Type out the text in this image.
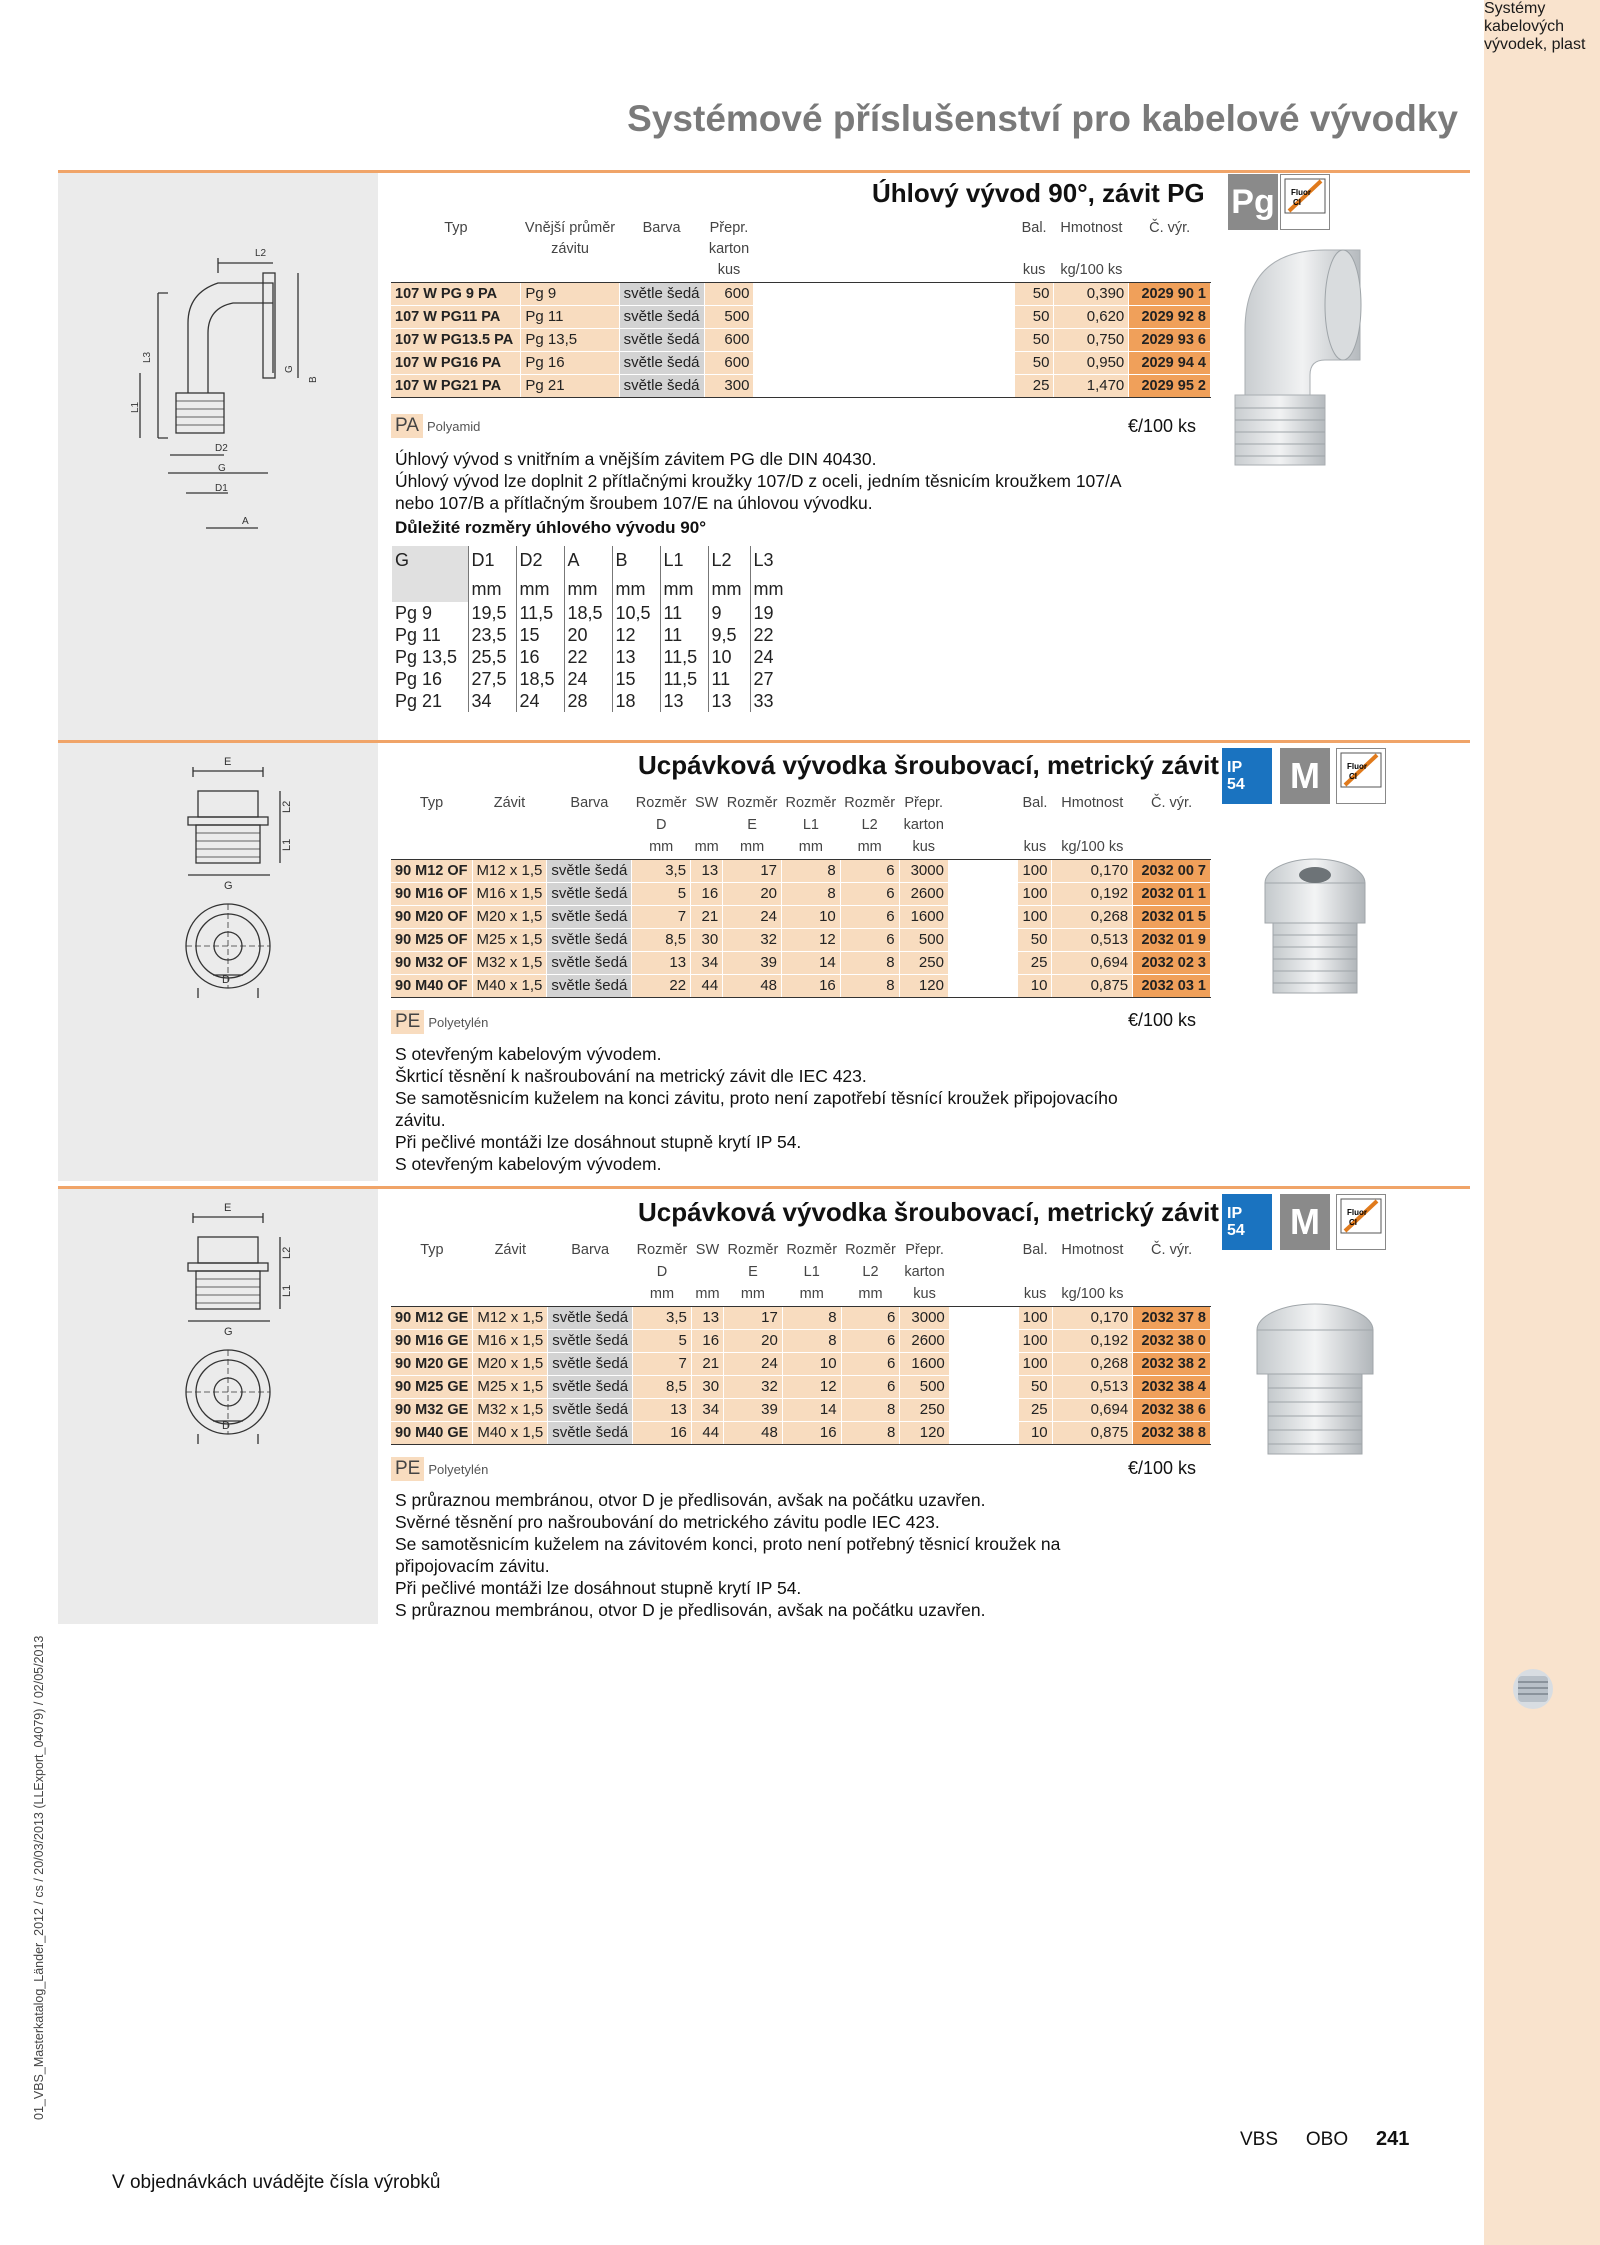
Systémy kabelových vývodek, plast
Systémové příslušenství pro kabelové vývodky
L2
L3
L1
G
B
D2
G
D1
A
Úhlový vývod 90°, závit PG Pg	Fluor
Cl
Typ	Vnější průměr
závitu	Barva	Přepr.
karton		Bal.	Hmotnost	Č. výr.
			kus		kus	kg/100 ks	
107 W PG 9 PA	Pg 9	světle šedá	600		50	0,390	2029 90 1
107 W PG11 PA	Pg 11	světle šedá	500		50	0,620	2029 92 8
107 W PG13.5 PA	Pg 13,5	světle šedá	600		50	0,750	2029 93 6
107 W PG16 PA	Pg 16	světle šedá	600		50	0,950	2029 94 4
107 W PG21 PA	Pg 21	světle šedá	300		25	1,470	2029 95 2
PA Polyamid	€/100 ks

Úhlový vývod s vnitřním a vnějším závitem PG dle DIN 40430.

Úhlový vývod lze doplnit 2 přítlačnými kroužky 107/D z oceli, jedním těsnicím kroužkem 107/A

nebo 107/B a přítlačným šroubem 107/E na úhlovou vývodku.

Důležité rozměry úhlového vývodu 90°
G	D1	D2	A	B	L1	L2	L3
	mm	mm	mm	mm	mm	mm	mm
Pg 9	19,5	11,5	18,5	10,5	11	9	19
Pg 11	23,5	15	20	12	11	9,5	22
Pg 13,5	25,5	16	22	13	11,5	10	24
Pg 16	27,5	18,5	24	15	11,5	11	27
Pg 21	34	24	28	18	13	13	33
E
L2
L1
G
D
Ucpávková vývodka šroubovací, metrický závit IP
54 M	Fluor
Cl
Typ	Závit	Barva	Rozměr	SW	Rozměr	Rozměr	Rozměr	Přepr.		Bal.	Hmotnost	Č. výr.
			D		E	L1	L2	karton				
			mm	mm	mm	mm	mm	kus		kus	kg/100 ks	
90 M12 OF	M12 x 1,5	světle šedá	3,5	13	17	8	6	3000		100	0,170	2032 00 7
90 M16 OF	M16 x 1,5	světle šedá	5	16	20	8	6	2600		100	0,192	2032 01 1
90 M20 OF	M20 x 1,5	světle šedá	7	21	24	10	6	1600		100	0,268	2032 01 5
90 M25 OF	M25 x 1,5	světle šedá	8,5	30	32	12	6	500		50	0,513	2032 01 9
90 M32 OF	M32 x 1,5	světle šedá	13	34	39	14	8	250		25	0,694	2032 02 3
90 M40 OF	M40 x 1,5	světle šedá	22	44	48	16	8	120		10	0,875	2032 03 1
PE Polyetylén	€/100 ks

S otevřeným kabelovým vývodem.

Škrticí těsnění k našroubování na metrický závit dle IEC 423.

Se samotěsnicím kuželem na konci závitu, proto není zapotřebí těsnící kroužek připojovacího

závitu.

Při pečlivé montáži lze dosáhnout stupně krytí IP 54.

S otevřeným kabelovým vývodem.

E
L2
L1
G
D
Ucpávková vývodka šroubovací, metrický závit IP
54 M	Fluor
Cl
Typ	Závit	Barva	Rozměr	SW	Rozměr	Rozměr	Rozměr	Přepr.		Bal.	Hmotnost	Č. výr.
			D		E	L1	L2	karton				
			mm	mm	mm	mm	mm	kus		kus	kg/100 ks	
90 M12 GE	M12 x 1,5	světle šedá	3,5	13	17	8	6	3000		100	0,170	2032 37 8
90 M16 GE	M16 x 1,5	světle šedá	5	16	20	8	6	2600		100	0,192	2032 38 0
90 M20 GE	M20 x 1,5	světle šedá	7	21	24	10	6	1600		100	0,268	2032 38 2
90 M25 GE	M25 x 1,5	světle šedá	8,5	30	32	12	6	500		50	0,513	2032 38 4
90 M32 GE	M32 x 1,5	světle šedá	13	34	39	14	8	250		25	0,694	2032 38 6
90 M40 GE	M40 x 1,5	světle šedá	16	44	48	16	8	120		10	0,875	2032 38 8
PE Polyetylén	€/100 ks

S průraznou membránou, otvor D je předlisován, avšak na počátku uzavřen.

Svěrné těsnění pro našroubování do metrického závitu podle IEC 423.

Se samotěsnicím kuželem na závitovém konci, proto není potřebný těsnicí kroužek na

připojovacím závitu.

Při pečlivé montáži lze dosáhnout stupně krytí IP 54.

S průraznou membránou, otvor D je předlisován, avšak na počátku uzavřen.

01_VBS_Masterkatalog_Länder_2012 / cs / 20/03/2013 (LLExport_04079) / 02/05/2013
V objednávkách uvádějte čísla výrobků
VBS OBO 241
